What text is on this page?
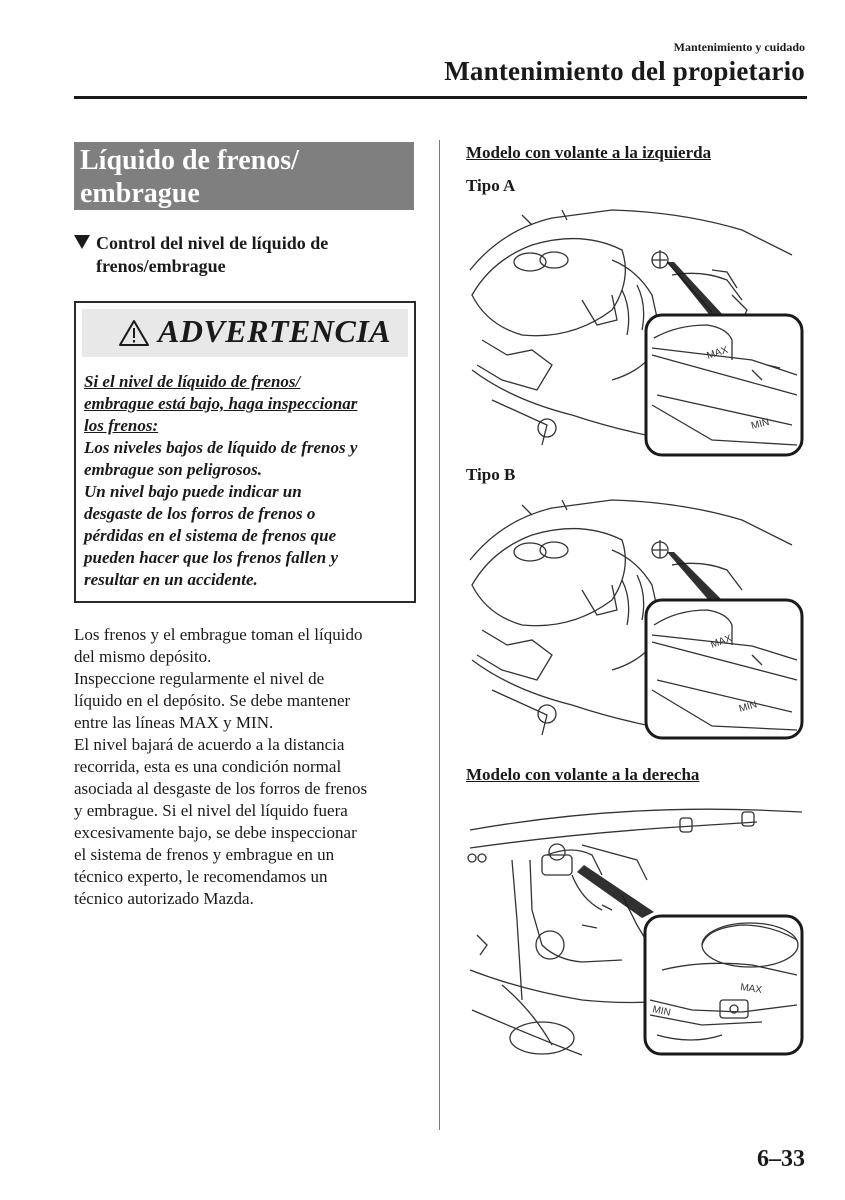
Mantenimiento y cuidado
Mantenimiento del propietario
Líquido de frenos/
embrague
Control del nivel de líquido de
frenos/embrague
ADVERTENCIA
Si el nivel de líquido de frenos/
embrague está bajo, haga inspeccionar
los frenos:
Los niveles bajos de líquido de frenos y
embrague son peligrosos.
Un nivel bajo puede indicar un
desgaste de los forros de frenos o
pérdidas en el sistema de frenos que
pueden hacer que los frenos fallen y
resultar en un accidente.
Los frenos y el embrague toman el líquido
del mismo depósito.
Inspeccione regularmente el nivel de
líquido en el depósito. Se debe mantener
entre las líneas MAX y MIN.
El nivel bajará de acuerdo a la distancia
recorrida, esta es una condición normal
asociada al desgaste de los forros de frenos
y embrague. Si el nivel del líquido fuera
excesivamente bajo, se debe inspeccionar
el sistema de frenos y embrague en un
técnico experto, le recomendamos un
técnico autorizado Mazda.
Modelo con volante a la izquierda
Tipo A
MAX
MIN
Tipo B
MAX
MIN
Modelo con volante a la derecha
MAX
MIN
6–33
